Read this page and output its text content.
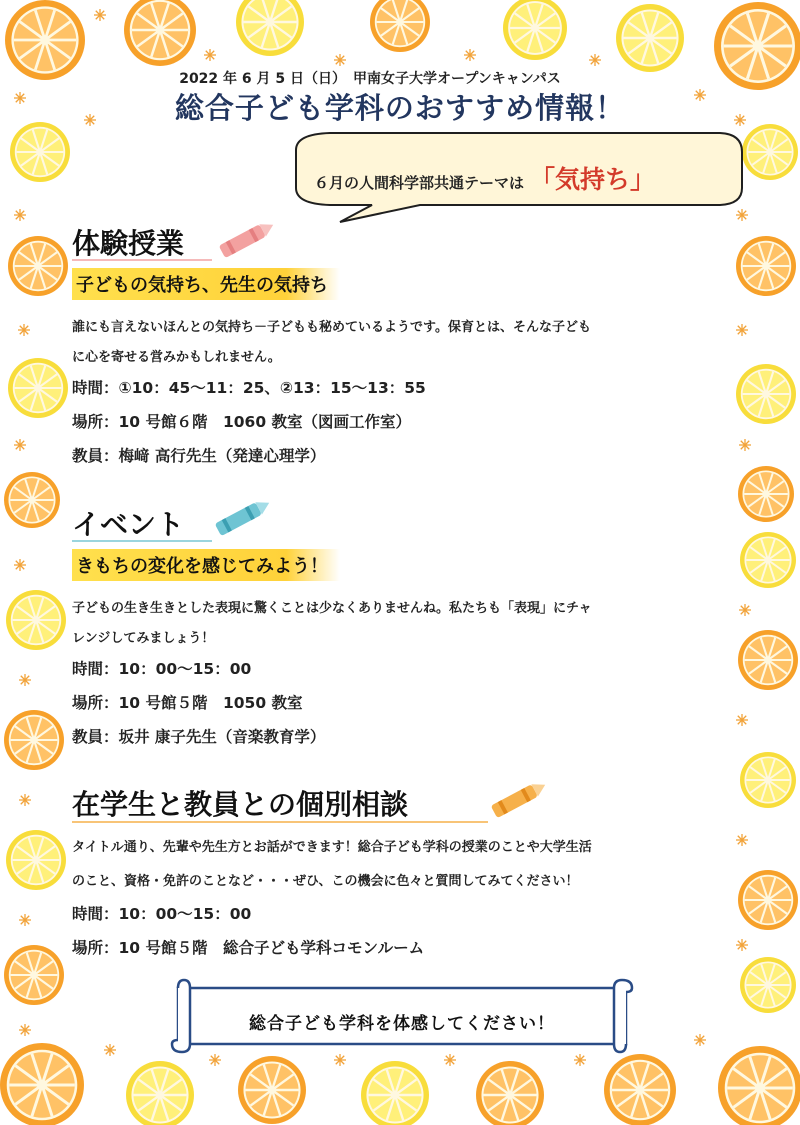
2022 年 6 月 5 日（日）　甲南女子大学オープンキャンパス
総合子ども学科のおすすめ情報！
６月の人間科学部共通テーマは 「気持ち」
体験授業
子どもの気持ち、先生の気持ち
誰にも言えないほんとの気持ち－子どもも秘めているようです。保育とは、そんな子ども
に心を寄せる営みかもしれません。
時間：①10：45～11：25、②13：15～13：55
場所：10 号館６階　1060 教室（図画工作室）
教員：梅﨑 高行先生（発達心理学）
イベント
きもちの変化を感じてみよう！
子どもの生き生きとした表現に驚くことは少なくありませんね。私たちも「表現」にチャ
レンジしてみましょう！
時間：10：00～15：00
場所：10 号館５階　1050 教室
教員：坂井 康子先生（音楽教育学）
在学生と教員との個別相談
タイトル通り、先輩や先生方とお話ができます！総合子ども学科の授業のことや大学生活
のこと、資格・免許のことなど・・・ぜひ、この機会に色々と質問してみてください！
時間：10：00～15：00
場所：10 号館５階　総合子ども学科コモンルーム
総合子ども学科を体感してください！
